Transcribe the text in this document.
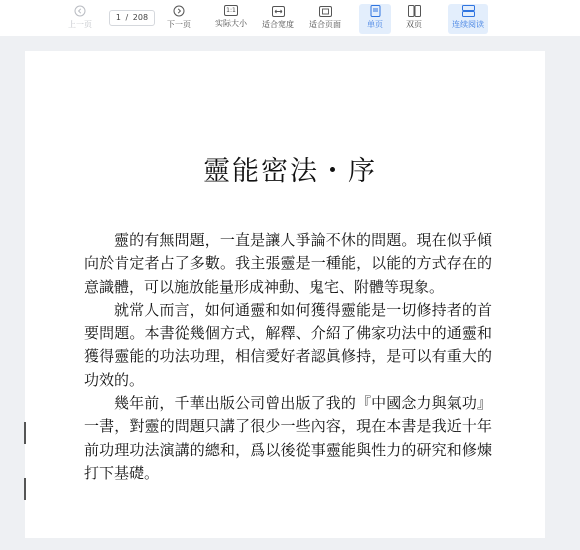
上一页
1 / 208
下一页
1:1
实际大小 适合宽度 适合页面	单页	双页	连续阅读
靈能密法・序

靈的有無問題，一直是讓人爭論不休的問題。現在似乎傾向於肯定者占了多數。我主張靈是一種能，以能的方式存在的意識體，可以施放能量形成神動、鬼宅、附體等現象。

就常人而言，如何通靈和如何獲得靈能是一切修持者的首要問題。本書從幾個方式，解釋、介紹了佛家功法中的通靈和獲得靈能的功法功理，相信愛好者認眞修持，是可以有重大的功效的。

幾年前，千華出版公司曾出版了我的『中國念力與氣功』一書，對靈的問題只講了很少一些內容，現在本書是我近十年前功理功法演講的總和，爲以後從事靈能與性力的研究和修煉打下基礎。
